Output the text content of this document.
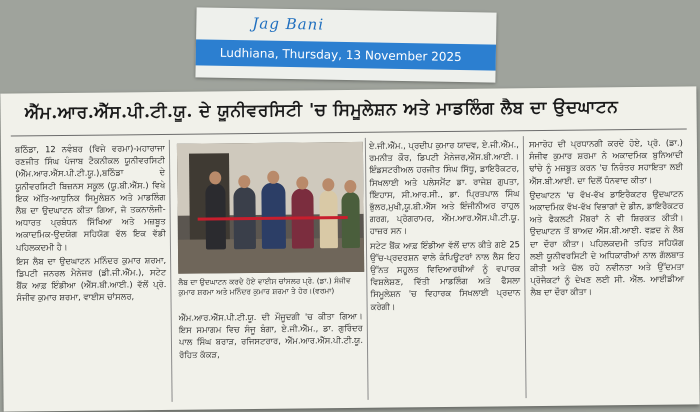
Jag Bani
Ludhiana, Thursday, 13 November 2025
ਐੱਮ.ਆਰ.ਐੱਸ.ਪੀ.ਟੀ.ਯੂ. ਦੇ ਯੂਨੀਵਰਸਿਟੀ 'ਚ ਸਿਮੂਲੇਸ਼ਨ ਅਤੇ ਮਾਡਲਿੰਗ ਲੈਬ ਦਾ ਉਦਘਾਟਨ

ਬਠਿੰਡਾ, 12 ਨਵੰਬਰ (ਵਿਜੇ ਵਰਮਾ)-ਮਹਾਰਾਜਾ ਰਣਜੀਤ ਸਿੰਘ ਪੰਜਾਬ ਟੈਕਨੀਕਲ ਯੂਨੀਵਰਸਿਟੀ (ਐੱਮ.ਆਰ.ਐੱਸ.ਪੀ.ਟੀ.ਯੂ.),ਬਠਿੰਡਾ ਦੇ ਯੂਨੀਵਰਸਿਟੀ ਬਿਜ਼ਨਸ ਸਕੂਲ (ਯੂ.ਬੀ.ਐੱਸ.) ਵਿਖੇ ਇਕ ਅੱਤਿ-ਆਧੁਨਿਕ ਸਿਮੂਲੇਸ਼ਨ ਅਤੇ ਮਾਡਲਿੰਗ ਲੈਬ ਦਾ ਉਦਘਾਟਨ ਕੀਤਾ ਗਿਆ, ਜੋ ਤਕਨਾਲੋਜੀ-ਅਧਾਰਤ ਪ੍ਰਬੰਧਨ ਸਿੱਖਿਆ ਅਤੇ ਮਜ਼ਬੂਤ ਅਕਾਦਮਿਕ-ਉਦਯੋਗ ਸਹਿਯੋਗ ਵੱਲ ਇਕ ਵੱਡੀ ਪਹਿਲਕਦਮੀ ਹੈ।

ਇਸ ਲੈਬ ਦਾ ਉਦਘਾਟਨ ਮਨਿੰਦਰ ਕੁਮਾਰ ਸ਼ਰਮਾ, ਡਿਪਟੀ ਜਨਰਲ ਮੈਨੇਜਰ (ਡੀ.ਜੀ.ਐੱਮ.), ਸਟੇਟ ਬੈਂਕ ਆਫ਼ ਇੰਡੀਆ (ਐੱਸ.ਬੀ.ਆਈ.) ਵੱਲੋਂ ਪ੍ਰੋ. ਸੰਜੀਵ ਕੁਮਾਰ ਸ਼ਰਮਾ, ਵਾਈਸ ਚਾਂਸਲਰ,

ਲੈਬ ਦਾ ਉਦਘਾਟਨ ਕਰਦੇ ਹੋਏ ਵਾਈਸ ਚਾਂਸਲਰ ਪ੍ਰੋ. (ਡਾ.) ਸੰਜੀਵ ਕੁਮਾਰ ਸ਼ਰਮਾ ਅਤੇ ਮਨਿੰਦਰ ਕੁਮਾਰ ਸ਼ਰਮਾ ਤੇ ਹੋਰ।(ਵਰਮਾ)

ਐੱਮ.ਆਰ.ਐੱਸ.ਪੀ.ਟੀ.ਯੂ. ਦੀ ਮੌਜੂਦਗੀ 'ਚ ਕੀਤਾ ਗਿਆ। ਇਸ ਸਮਾਗਮ ਵਿਚ ਸੰਜੂ ਬੰਗਾ, ਏ.ਜੀ.ਐੱਮ., ਡਾ. ਗੁਰਿੰਦਰ ਪਾਲ ਸਿੰਘ ਬਰਾੜ, ਰਜਿਸਟਰਾਰ, ਐੱਮ.ਆਰ.ਐੱਸ.ਪੀ.ਟੀ.ਯੂ. ਰੋਹਿਤ ਕੱਕੜ,

ਏ.ਜੀ.ਐੱਮ., ਪ੍ਰਦੀਪ ਕੁਮਾਰ ਯਾਦਵ, ਏ.ਜੀ.ਐੱਮ., ਰਮਨੀਤ ਕੌਰ, ਡਿਪਟੀ ਮੈਨੇਜਰ,ਐੱਸ.ਬੀ.ਆਈ.। ਇੰਡਸਟਰੀਅਲ ਹਰਜੀਤ ਸਿੰਘ ਸਿੱਧੂ, ਡਾਇਰੈਕਟਰ, ਸਿਖਲਾਈ ਅਤੇ ਪਲੇਸਮੈਂਟ ਡਾ. ਰਾਜੇਸ਼ ਗੁਪਤਾ, ਇਿਹਾਸ, ਸੀ.ਆਰ.ਸੀ., ਡਾ. ਪ੍ਰਿਤਪਾਲ ਸਿੰਘ ਭੁੱਲਰ,ਮੁਖੀ,ਯੂ.ਬੀ.ਐੱਸ ਅਤੇ ਇੰਜੀਨੀਅਰ ਰਾਹੁਲ ਗਰਗ, ਪ੍ਰੋਗਰਾਮਰ, ਐੱਮ.ਆਰ.ਐੱਸ.ਪੀ.ਟੀ.ਯੂ. ਹਾਜ਼ਰ ਸਨ।

ਸਟੇਟ ਬੈਂਕ ਆਫ਼ ਇੰਡੀਆ ਵੱਲੋਂ ਦਾਨ ਕੀਤੇ ਗਏ 25 ਉੱਚ-ਪ੍ਰਦਰਸ਼ਨ ਵਾਲੇ ਕੰਪਿਊਟਰਾਂ ਨਾਲ ਲੈਸ ਇਹ ਉੱਨਤ ਸਹੂਲਤ ਵਿਦਿਆਰਥੀਆਂ ਨੂੰ ਵਪਾਰਕ ਵਿਸ਼ਲੇਸ਼ਣ, ਵਿੱਤੀ ਮਾਡਲਿੰਗ ਅਤੇ ਫੈਸਲਾ ਸਿਮੂਲੇਸ਼ਨ 'ਚ ਵਿਹਾਰਕ ਸਿਖਲਾਈ ਪ੍ਰਦਾਨ ਕਰੇਗੀ।

ਸਮਾਰੋਹ ਦੀ ਪ੍ਰਧਾਨਗੀ ਕਰਦੇ ਹੋਏ, ਪ੍ਰੋ. (ਡਾ.) ਸੰਜੀਵ ਕੁਮਾਰ ਸ਼ਰਮਾ ਨੇ ਅਕਾਦਮਿਕ ਬੁਨਿਆਦੀ ਢਾਂਚੇ ਨੂੰ ਮਜ਼ਬੂਤ ਕਰਨ 'ਚ ਨਿਰੰਤਰ ਸਹਾਇਤਾ ਲਈ ਐੱਸ.ਬੀ.ਆਈ. ਦਾ ਦਿਲੋਂ ਧੰਨਵਾਦ ਕੀਤਾ।

ਉਦਘਾਟਨ 'ਚ ਵੱਖ-ਵੱਖ ਡਾਇਰੈਕਟਰ ਉਦਘਾਟਨ ਅਕਾਦਮਿਕ ਵੱਖ-ਵੱਖ ਵਿਭਾਗਾਂ ਦੇ ਡੀਨ, ਡਾਇਰੈਕਟਰ ਅਤੇ ਫੈਕਲਟੀ ਮੈਂਬਰਾਂ ਨੇ ਵੀ ਸ਼ਿਰਕਤ ਕੀਤੀ। ਉਦਘਾਟਨ ਤੋਂ ਬਾਅਦ ਐੱਸ.ਬੀ.ਆਈ. ਵਫ਼ਦ ਨੇ ਲੈਬ ਦਾ ਦੌਰਾ ਕੀਤਾ। ਪਹਿਲਕਦਮੀ ਤਹਿਤ ਸਹਿਯੋਗ ਲਈ ਯੂਨੀਵਰਸਿਟੀ ਦੇ ਅਧਿਕਾਰੀਆਂ ਨਾਲ ਗੱਲਬਾਤ ਕੀਤੀ ਅਤੇ ਚੱਲ ਰਹੇ ਨਵੀਨਤਾ ਅਤੇ ਉੱਦਮਤਾ ਪ੍ਰੋਜੈਕਟਾਂ ਨੂੰ ਦੇਖਣ ਲਈ ਸੀ. ਐੱਲ. ਆਈਡੀਆ ਲੈਬ ਦਾ ਦੌਰਾ ਕੀਤਾ।
